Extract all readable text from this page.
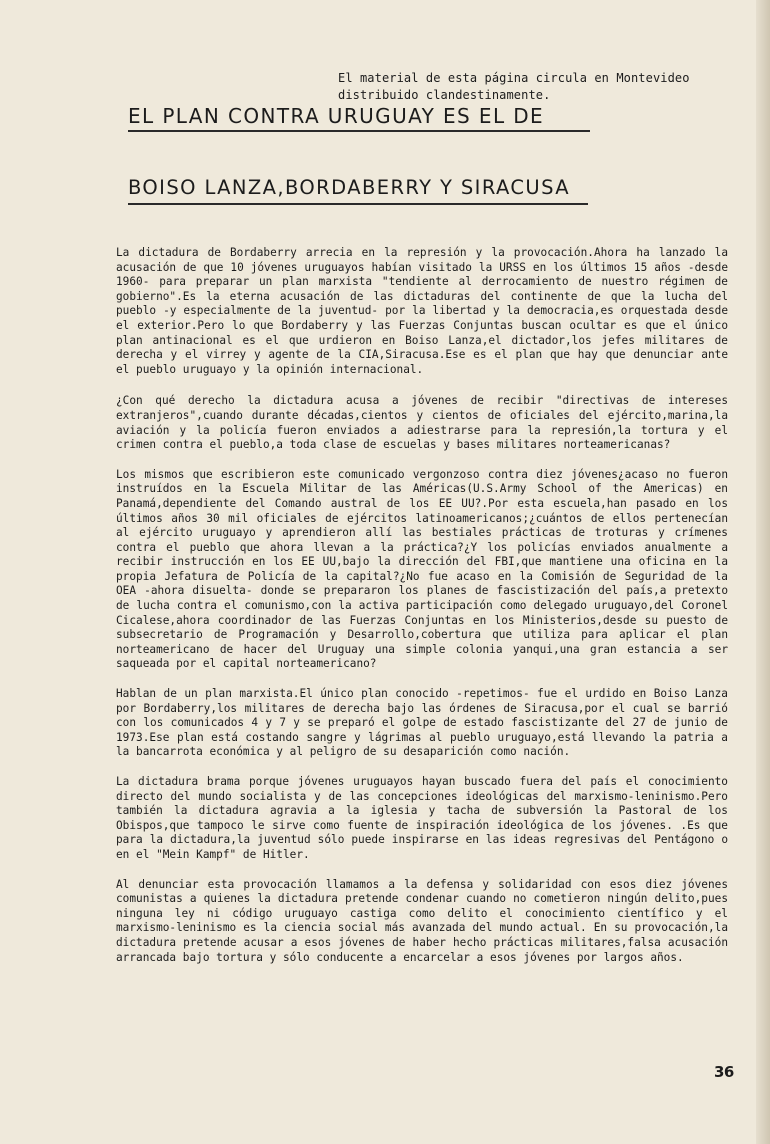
El material de esta página circula en Montevideo distribuido clandestinamente.
EL PLAN CONTRA URUGUAY ES EL DE
BOISO LANZA,BORDABERRY Y SIRACUSA

La dictadura de Bordaberry arrecia en la represión y la provocación.Ahora ha lanzado la acusación de que 10 jóvenes uruguayos habían visitado la URSS en los últimos 15 años -desde 1960- para preparar un plan marxista "tendiente al derrocamiento de nuestro régimen de gobierno".Es la eterna acusación de las dictaduras del continente de que la lucha del pueblo -y especialmente de la juventud- por la libertad y la democracia,es orquestada desde el exterior.Pero lo que Bordaberry y las Fuerzas Conjuntas buscan ocultar es que el único plan antinacional es el que urdieron en Boiso Lanza,el dictador,los jefes militares de derecha y el virrey y agente de la CIA,Siracusa.Ese es el plan que hay que denunciar ante el pueblo uruguayo y la opinión internacional.

¿Con qué derecho la dictadura acusa a jóvenes de recibir "directivas de intereses extranjeros",cuando durante décadas,cientos y cientos de oficiales del ejército,marina,la aviación y la policía fueron enviados a adiestrarse para la represión,la tortura y el crimen contra el pueblo,a toda clase de escuelas y bases militares norteamericanas?

Los mismos que escribieron este comunicado vergonzoso contra diez jóvenes¿acaso no fueron instruídos en la Escuela Militar de las Américas(U.S.Army School of the Americas) en Panamá,dependiente del Comando austral de los EE UU?.Por esta escuela,han pasado en los últimos años 30 mil oficiales de ejércitos latinoamericanos;¿cuántos de ellos pertenecían al ejército uruguayo y aprendieron allí las bestiales prácticas de troturas y crímenes contra el pueblo que ahora llevan a la práctica?¿Y los policías enviados anualmente a recibir instrucción en los EE UU,bajo la dirección del FBI,que mantiene una oficina en la propia Jefatura de Policía de la capital?¿No fue acaso en la Comisión de Seguridad de la OEA -ahora disuelta- donde se prepararon los planes de fascistización del país,a pretexto de lucha contra el comunismo,con la activa participación como delegado uruguayo,del Coronel Cicalese,ahora coordinador de las Fuerzas Conjuntas en los Ministerios,desde su puesto de subsecretario de Programación y Desarrollo,cobertura que utiliza para aplicar el plan norteamericano de hacer del Uruguay una simple colonia yanqui,una gran estancia a ser saqueada por el capital norteamericano?

Hablan de un plan marxista.El único plan conocido -repetimos- fue el urdido en Boiso Lanza por Bordaberry,los militares de derecha bajo las órdenes de Siracusa,por el cual se barrió con los comunicados 4 y 7 y se preparó el golpe de estado fascistizante del 27 de junio de 1973.Ese plan está costando sangre y lágrimas al pueblo uruguayo,está llevando la patria a la bancarrota económica y al peligro de su desaparición como nación.

La dictadura brama porque jóvenes uruguayos hayan buscado fuera del país el conocimiento directo del mundo socialista y de las concepciones ideológicas del marxismo-leninismo.Pero también la dictadura agravia a la iglesia y tacha de subversión la Pastoral de los Obispos,que tampoco le sirve como fuente de inspiración ideológica de los jóvenes. .Es que para la dictadura,la juventud sólo puede inspirarse en las ideas regresivas del Pentágono o en el "Mein Kampf" de Hitler.

Al denunciar esta provocación llamamos a la defensa y solidaridad con esos diez jóvenes comunistas a quienes la dictadura pretende condenar cuando no cometieron ningún delito,pues ninguna ley ni código uruguayo castiga como delito el conocimiento científico y el marxismo-leninismo es la ciencia social más avanzada del mundo actual. En su provocación,la dictadura pretende acusar a esos jóvenes de haber hecho prácticas militares,falsa acusación arrancada bajo tortura y sólo conducente a encarcelar a esos jóvenes por largos años.

36
